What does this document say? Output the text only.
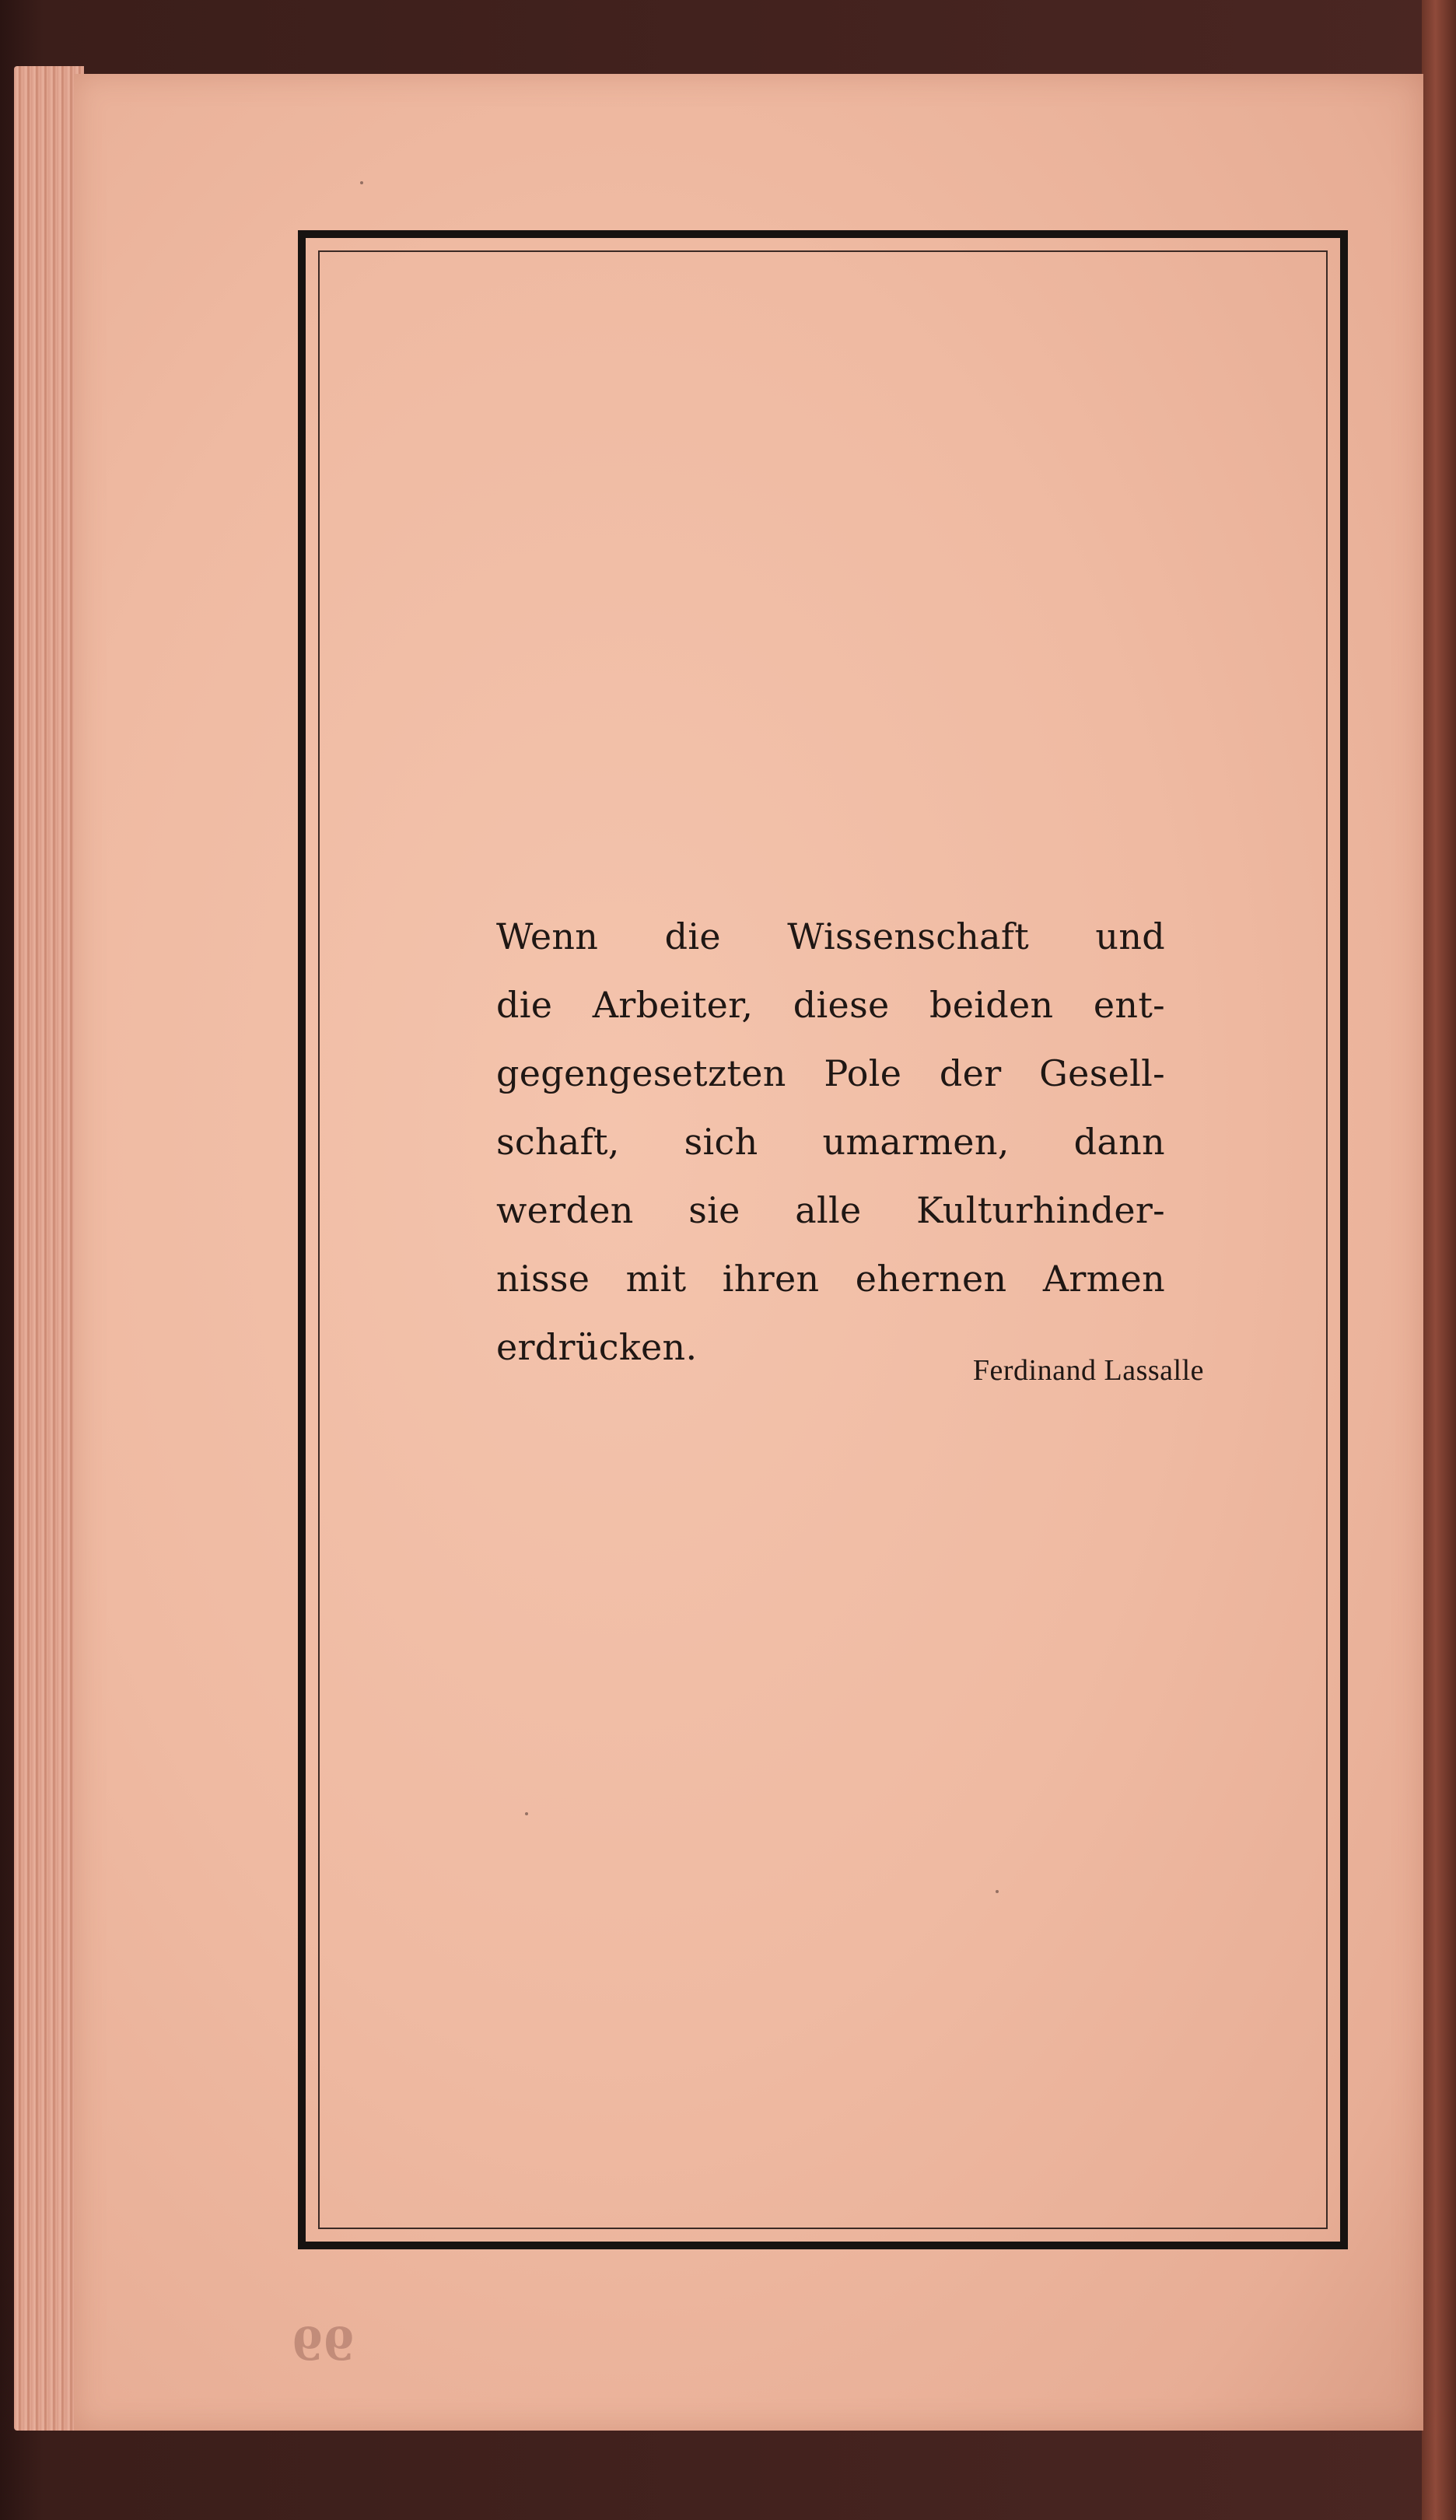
Wenn die Wissenschaft und
die Arbeiter, diese beiden ent-
gegengesetzten Pole der Gesell-
schaft, sich umarmen, dann
werden sie alle Kulturhinder-
nisse mit ihren ehernen Armen
erdrücken.

Ferdinand Lassalle
99
